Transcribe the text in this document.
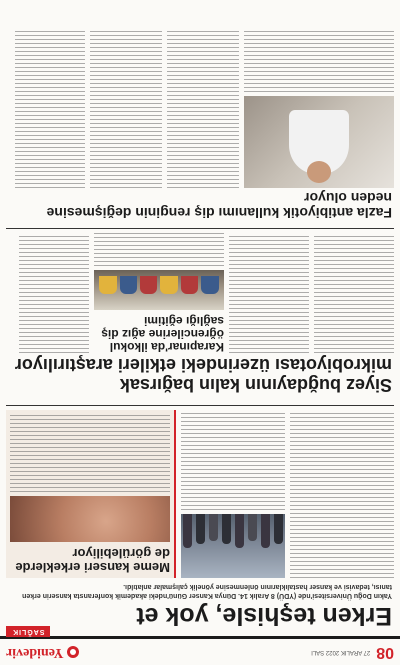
08
27 ARALIK 2022 SALI
Yenidevir
SAĞLIK
Erken teşhisle, yok et
Yakın Doğu Üniversitesi'nde (YDÜ) 8 Aralık 14. Dünya Kanser Günü'ndeki akademik konferansta kanserin erken tanısı, tedavisi ve kanser hastalıklarının önlenmesine yönelik çalışmalar anlatıldı.
Meme kanseri erkeklerde de görülebiliyor
Siyez buğdayının kalın bağırsak mikrobiyotası üzerindeki etkileri araştırılıyor
Karapınar'da ilkokul öğrencilerine ağız diş sağlığı eğitimi
Fazla antibiyotik kullanımı diş renginin değişmesine neden oluyor
